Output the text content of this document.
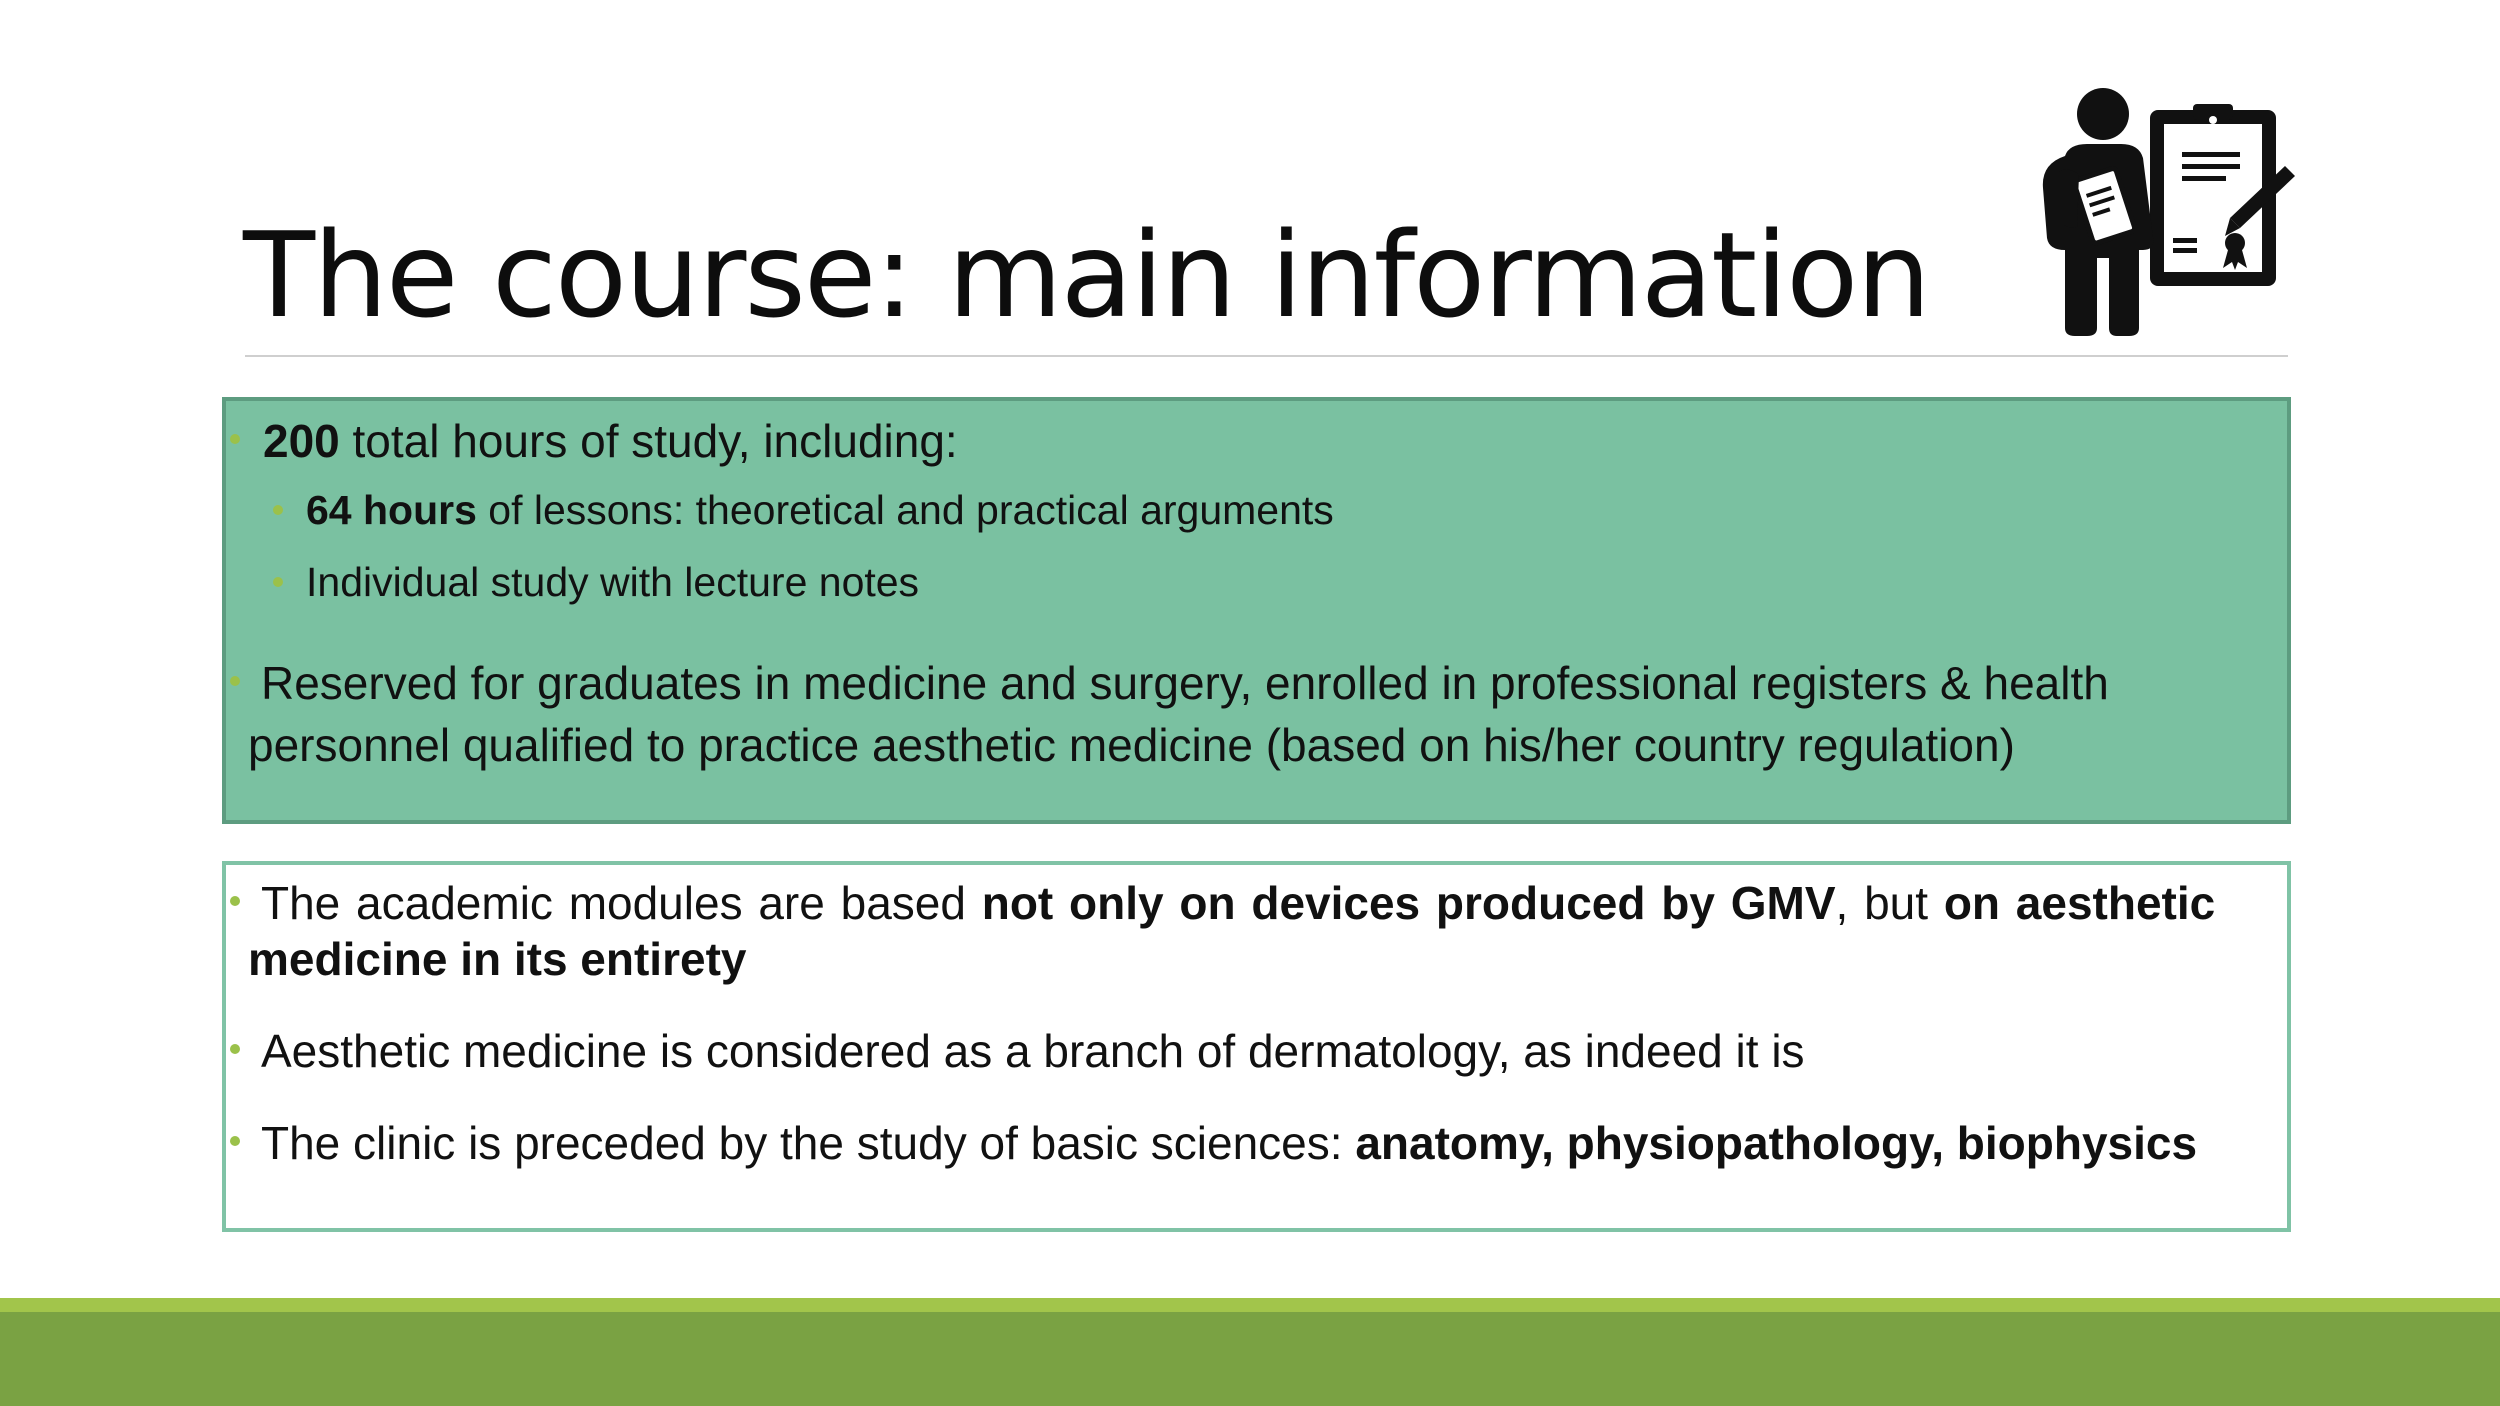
The course: main information
200 total hours of study, including:
64 hours of lessons: theoretical and practical arguments
Individual study with lecture notes
Reserved for graduates in medicine and surgery, enrolled in professional registers & health
personnel qualified to practice aesthetic medicine (based on his/her country regulation)
The academic modules are based not only on devices produced by GMV, but on aesthetic
medicine in its entirety
Aesthetic medicine is considered as a branch of dermatology, as indeed it is
The clinic is preceded by the study of basic sciences: anatomy, physiopathology, biophysics
